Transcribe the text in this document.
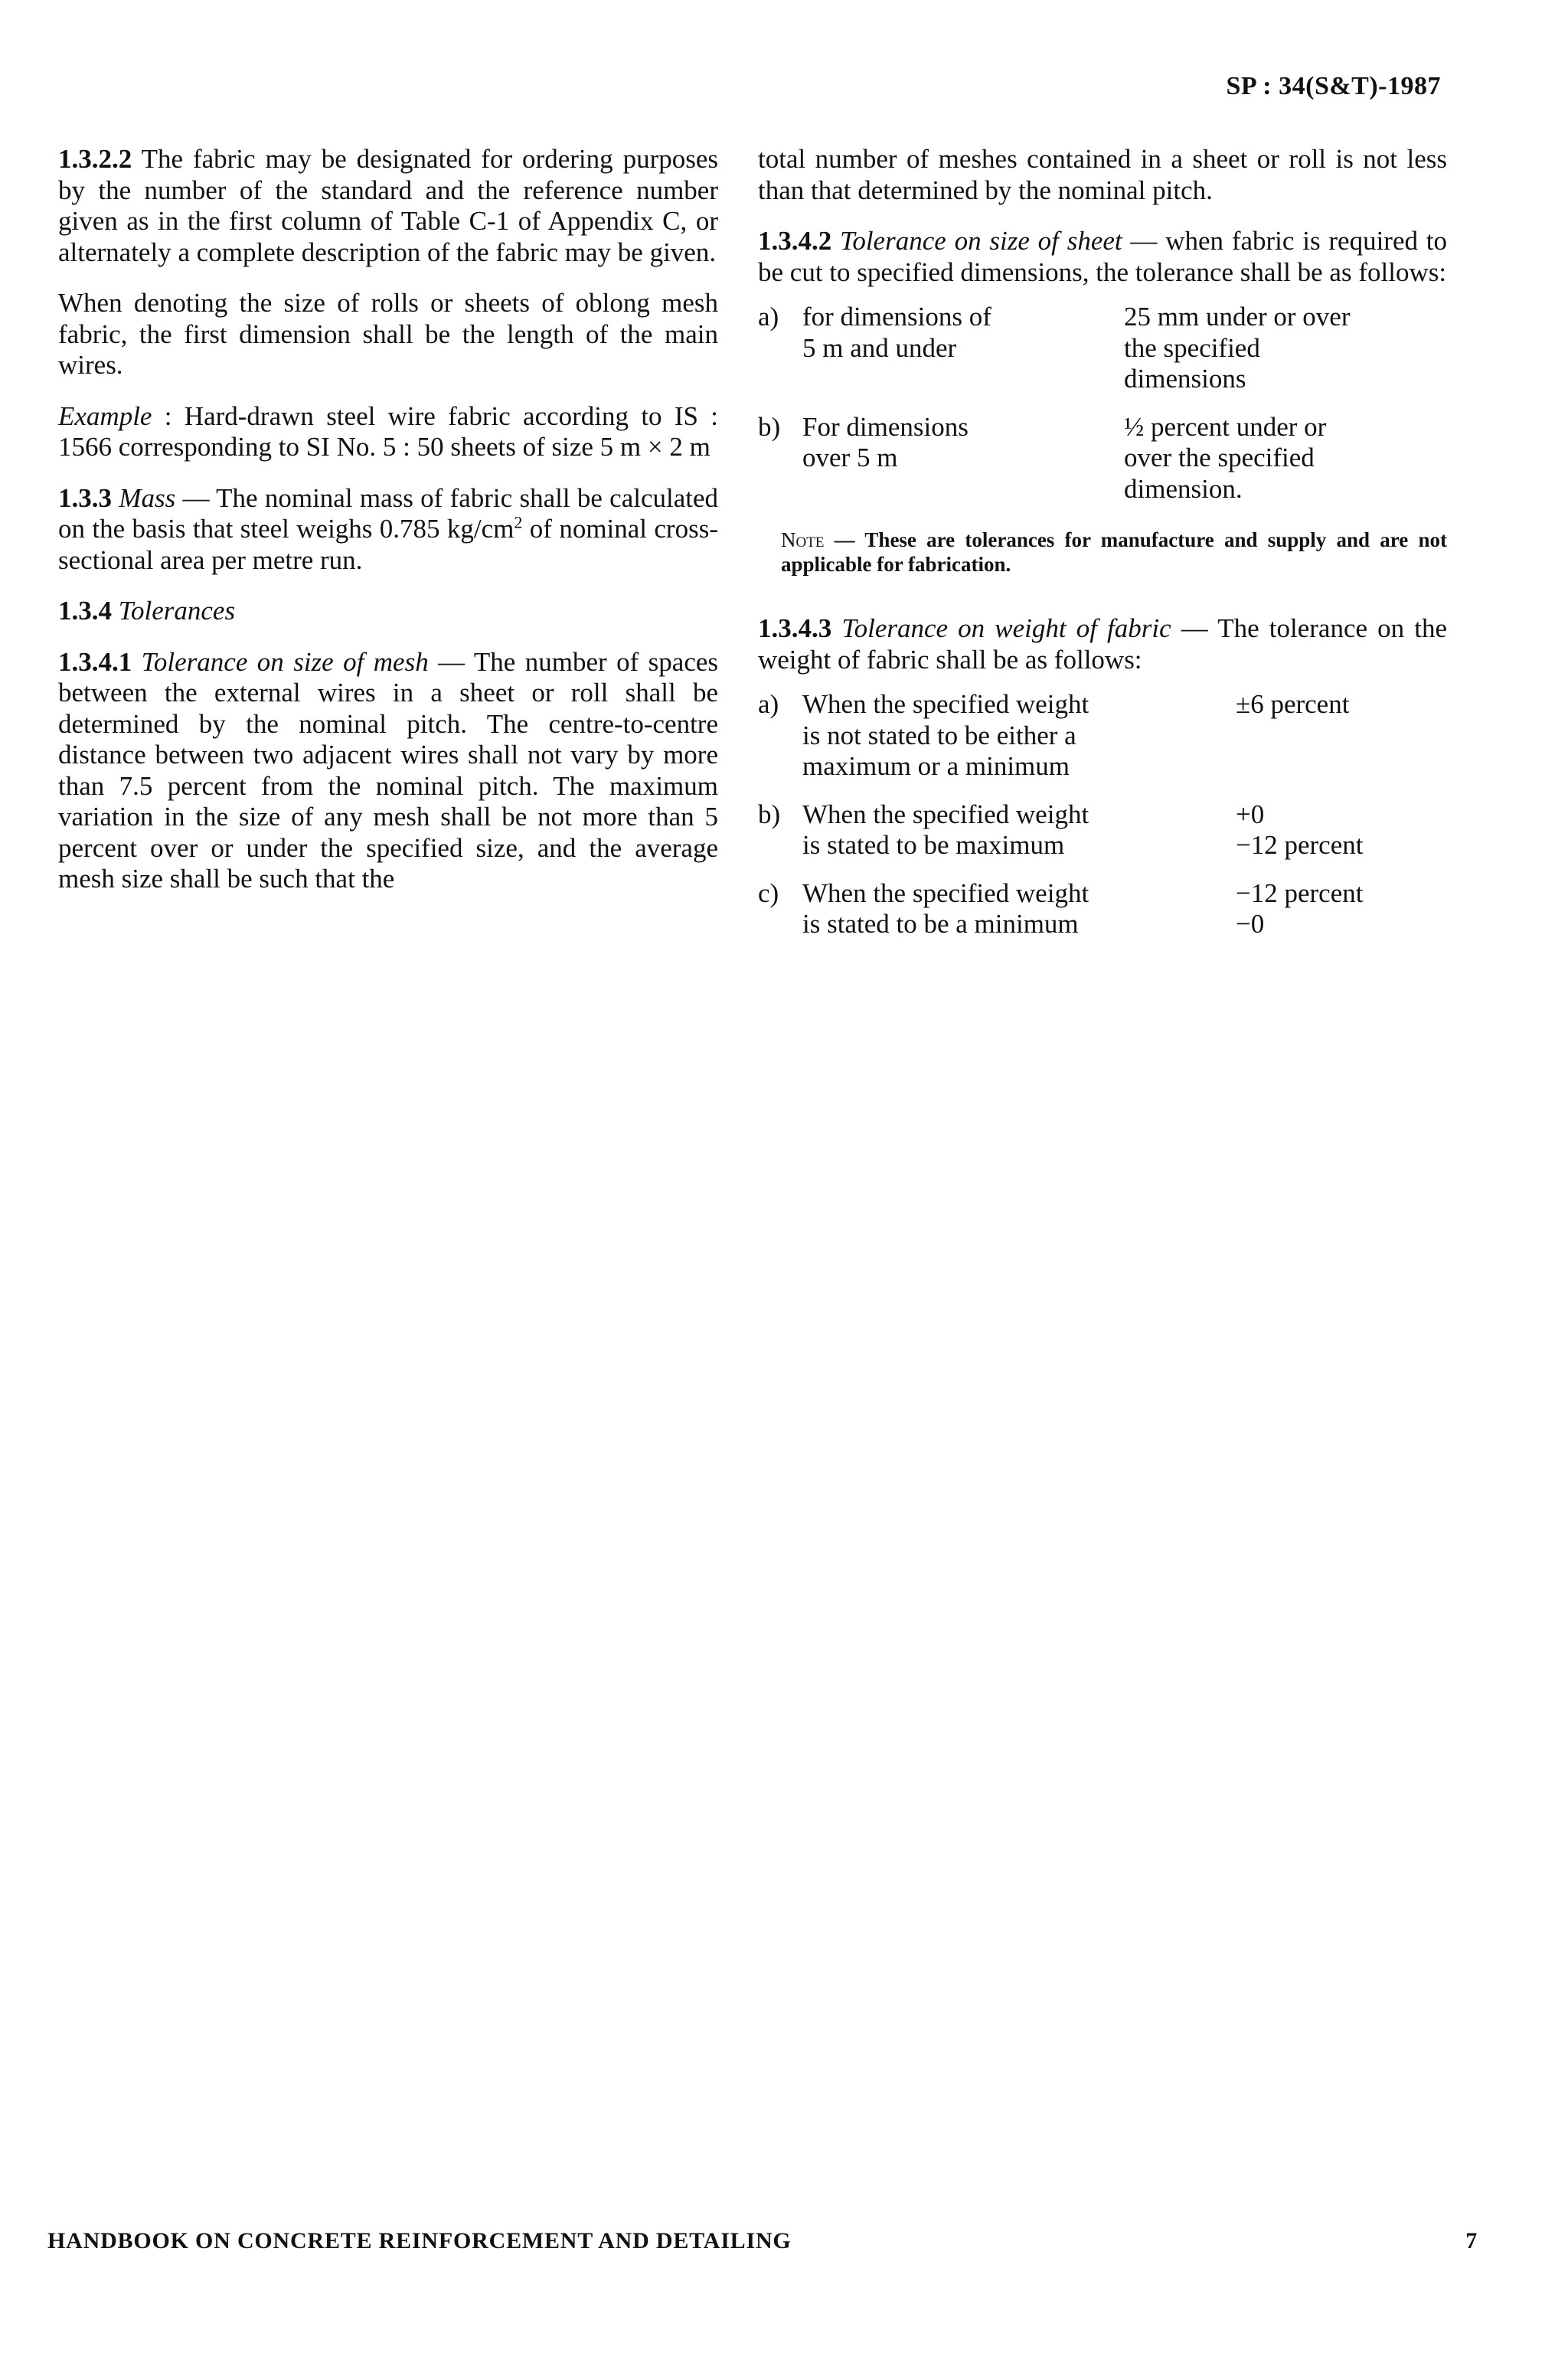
SP : 34(S&T)-1987

1.3.2.2 The fabric may be designated for ordering purposes by the number of the standard and the reference number given as in the first column of Table C-1 of Appendix C, or alternately a complete description of the fabric may be given.

When denoting the size of rolls or sheets of oblong mesh fabric, the first dimension shall be the length of the main wires.

Example : Hard-drawn steel wire fabric according to IS : 1566 corresponding to SI No. 5 : 50 sheets of size 5 m × 2 m

1.3.3 Mass — The nominal mass of fabric shall be calculated on the basis that steel weighs 0.785 $kg/cm^2$ of nominal cross-sectional area per metre run.

1.3.4 Tolerances

1.3.4.1 Tolerance on size of mesh — The number of spaces between the external wires in a sheet or roll shall be determined by the nominal pitch. The centre-to-centre distance between two adjacent wires shall not vary by more than 7.5 percent from the nominal pitch. The maximum variation in the size of any mesh shall be not more than 5 percent over or under the specified size, and the average mesh size shall be such that the

total number of meshes contained in a sheet or roll is not less than that determined by the nominal pitch.

1.3.4.2 Tolerance on size of sheet — when fabric is required to be cut to specified dimensions, the tolerance shall be as follows:

a) for dimensions of
5 m and under
25 mm under or over
the specified
dimensions
b) For dimensions
over 5 m
½ percent under or
over the specified
dimension.
Note — These are tolerances for manufacture and supply and are not applicable for fabrication.

1.3.4.3 Tolerance on weight of fabric — The tolerance on the weight of fabric shall be as follows:

a) When the specified weight
is not stated to be either a
maximum or a minimum
±6 percent
b) When the specified weight
is stated to be maximum
+0
−12 percent
c) When the specified weight
is stated to be a minimum
−12 percent
−0
HANDBOOK ON CONCRETE REINFORCEMENT AND DETAILING	7
